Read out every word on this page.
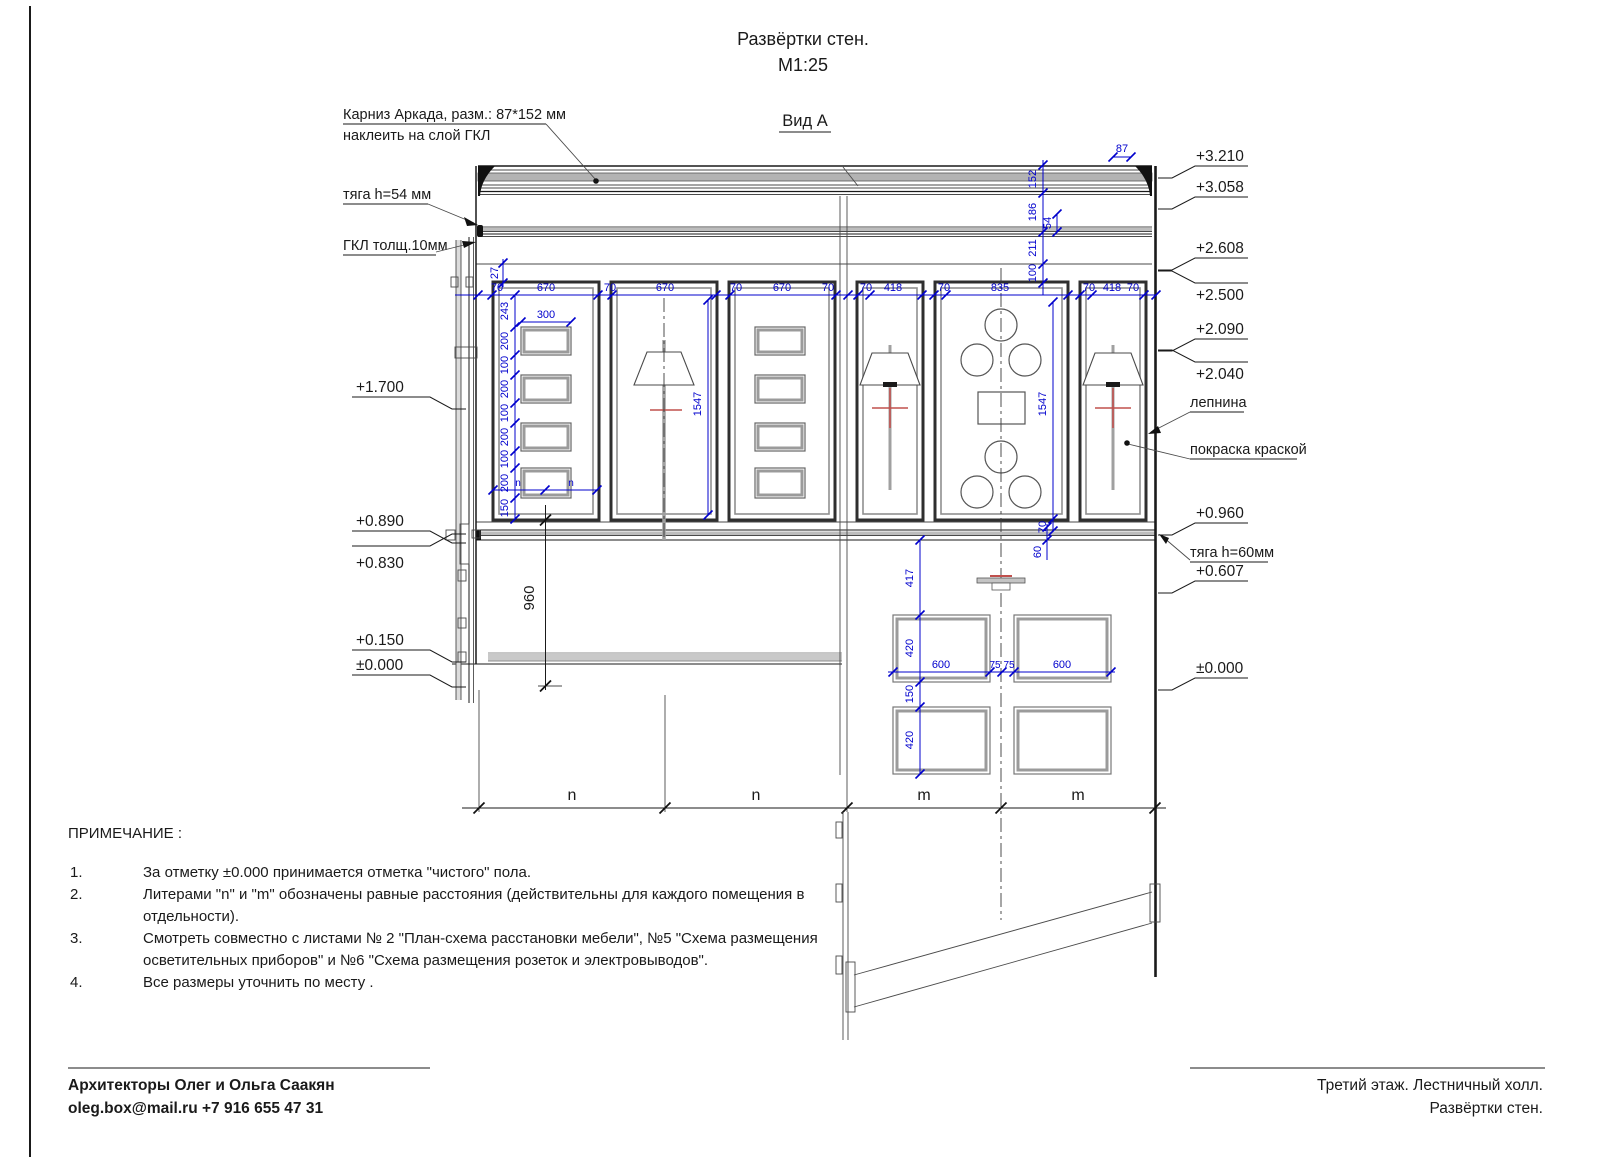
Развёртки стен.
М1:25
Вид А
n	n	m	m
70	670	70	670	70	670	70 70 418	70	835	70 418 70
27
87
152
186
54
211
100
243
200
100
200
100
200
100
200
150
300
n	n
1547	1547
70
60
417
420
150
420
600	75 75	600
960
+3.210
+3.058
+2.608
+2.500
+2.090
+2.040
+0.960
+0.607
±0.000
+1.700
+0.890
+0.830
+0.150
±0.000
Карниз Аркада, разм.: 87*152 мм
наклеить на слой ГКЛ
тяга h=54 мм
ГКЛ толщ.10мм
лепнина
покраска краской
тяга h=60мм
ПРИМЕЧАНИЕ :
1.	За отметку ±0.000 принимается отметка "чистого" пола.
2.	Литерами "n" и "m" обозначены равные расстояния (действительны для каждого помещения в
отдельности).
3.	Смотреть совместно с листами № 2 "План-схема расстановки мебели", №5 "Схема размещения
осветительных приборов" и №6 "Схема размещения розеток и электровыводов".
4.	Все размеры уточнить по месту .
Архитекторы Олег и Ольга Саакян
oleg.box@mail.ru +7 916 655 47 31
Третий этаж. Лестничный холл.
Развёртки стен.
